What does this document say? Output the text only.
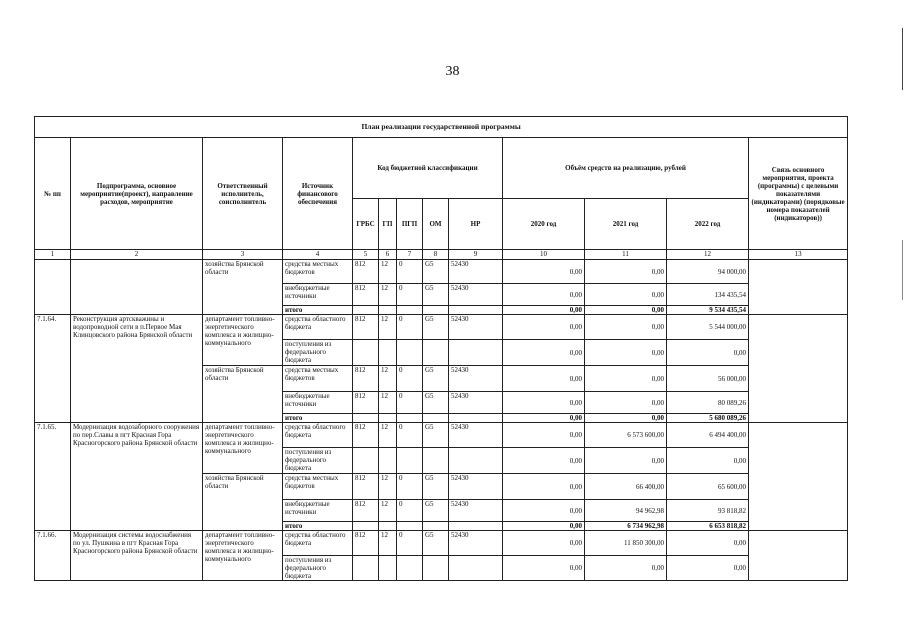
38
План реализации государственной программы												
№ пп	Подпрограмма, основное мероприятие(проект), направление расходов, мероприятие	Ответственный исполнитель, соисполнитель	Источник финансового обеспечения	Код бюджетной классификации					Объём средств на реализацию, рублей			Связь основного мероприятия, проекта (программы) с целевыми показателями (индикаторами) (порядковые номера показателей (индикаторов))
				ГРБС	ГП	ПГП	ОМ	НР	2020 год	2021 год	2022 год	
1	2	3	4	5	6	7	8	9	10	11	12	13
		хозяйства Брянской области	средства местных бюджетов	812	12	0	G5	52430	0,00	0,00	94 000,00	
			внебюджетные источники	812	12	0	G5	52430	0,00	0,00	134 435,54	
			итого						0,00	0,00	9 534 435,54	
7.1.64.	Реконструкция артскважины и водопроводной сети в п.Первое Мая Клинцовского района Брянской области	департамент топливно-энергетического комплекса и жилищно-коммунального	средства областного бюджета	812	12	0	G5	52430	0,00	0,00	5 544 000,00	
			поступления из федерального бюджета						0,00	0,00	0,00	
		хозяйства Брянской области	средства местных бюджетов	812	12	0	G5	52430	0,00	0,00	56 000,00	
			внебюджетные источники	812	12	0	G5	52430	0,00	0,00	80 089,26	
			итого						0,00	0,00	5 680 089,26	
7.1.65.	Модернизация водозаборного сооружения по пер.Славы в пгт Красная Гора Красногорского района Брянской области	департамент топливно-энергетического комплекса и жилищно-коммунального	средства областного бюджета	812	12	0	G5	52430	0,00	6 573 600,00	6 494 400,00	
			поступления из федерального бюджета						0,00	0,00	0,00	
		хозяйства Брянской области	средства местных бюджетов	812	12	0	G5	52430	0,00	66 400,00	65 600,00	
			внебюджетные источники	812	12	0	G5	52430	0,00	94 962,98	93 818,82	
			итого						0,00	6 734 962,98	6 653 818,82	
7.1.66.	Модернизация системы водоснабжения по ул. Пушкина в пгт Красная Гора Красногорского района Брянской области	департамент топливно-энергетического комплекса и жилищно-коммунального	средства областного бюджета	812	12	0	G5	52430	0,00	11 850 300,00	0,00	
			поступления из федерального бюджета						0,00	0,00	0,00	
